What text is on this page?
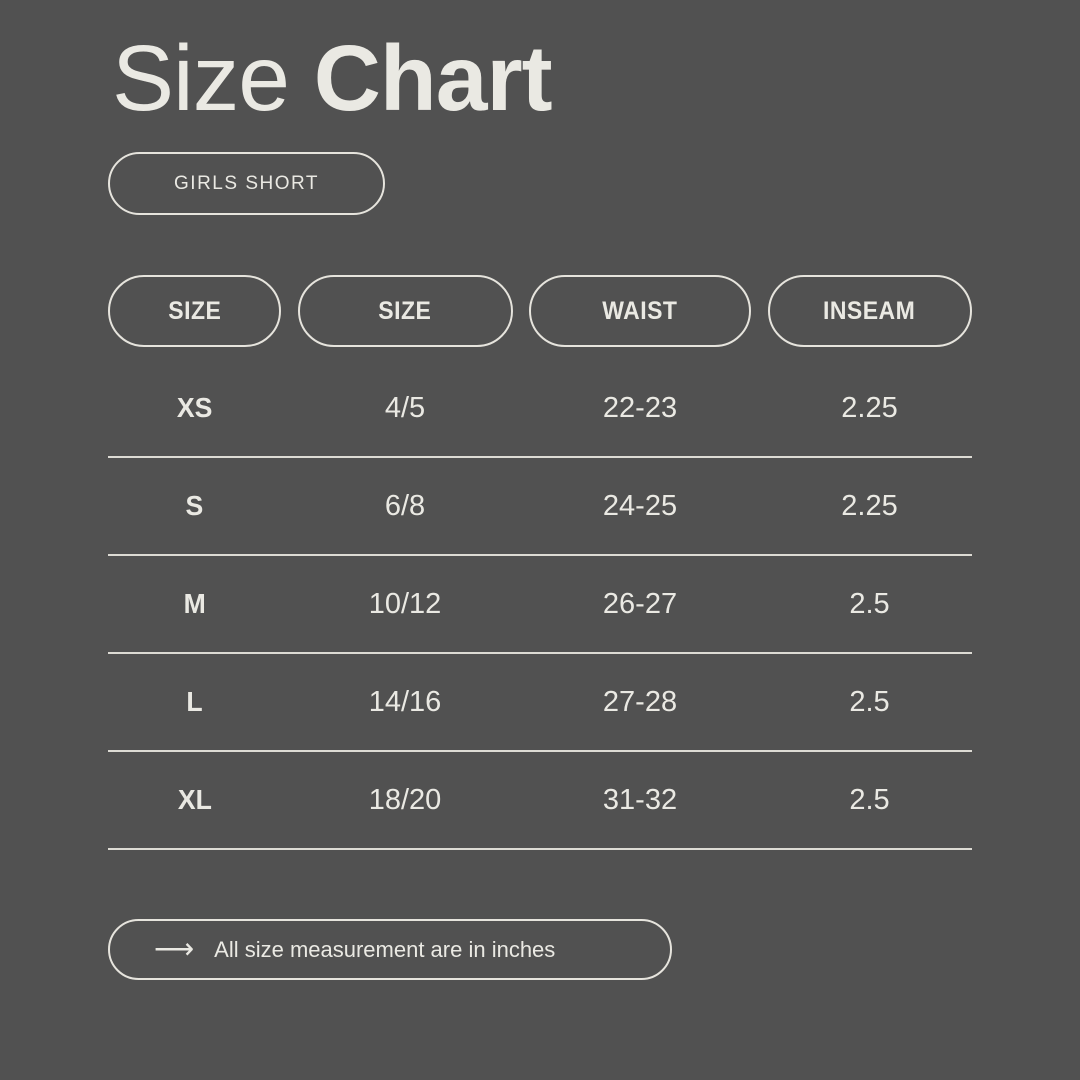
Size Chart
GIRLS SHORT
SIZE	SIZE	WAIST	INSEAM
XS	4/5	22-23	2.25
S	6/8	24-25	2.25
M	10/12	26-27	2.5
L	14/16	27-28	2.5
XL	18/20	31-32	2.5
⟶ All size measurement are in inches
